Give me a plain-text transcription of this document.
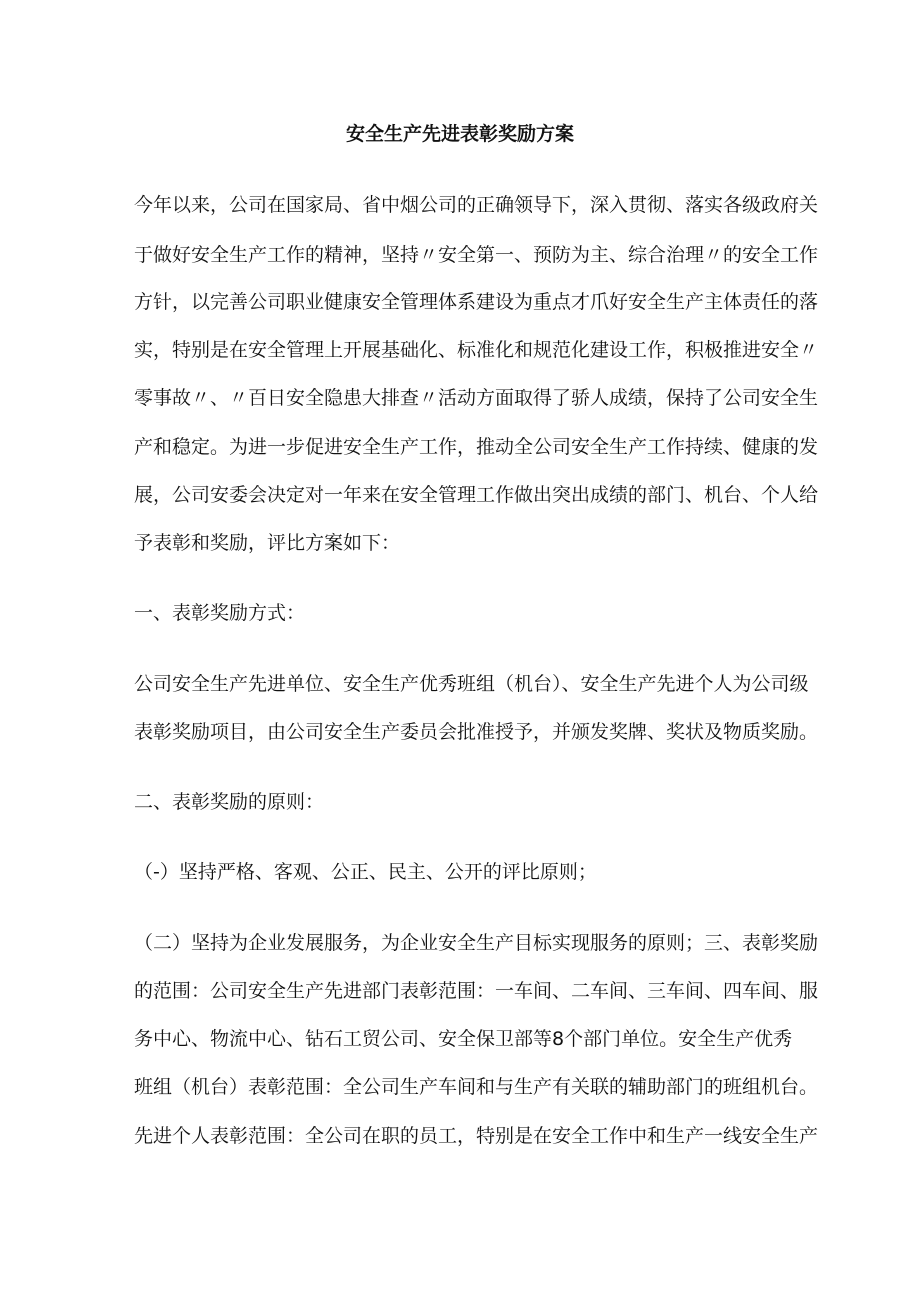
安全生产先进表彰奖励方案

今年以来，公司在国家局、省中烟公司的正确领导下，深入贯彻、落实各级政府关

于做好安全生产工作的精神，坚持〃安全第一、预防为主、综合治理〃的安全工作

方针，以完善公司职业健康安全管理体系建设为重点才爪好安全生产主体责任的落

实，特别是在安全管理上开展基础化、标准化和规范化建设工作，积极推进安全〃

零事故〃、〃百日安全隐患大排查〃活动方面取得了骄人成绩，保持了公司安全生

产和稳定。为进一步促进安全生产工作，推动全公司安全生产工作持续、健康的发

展，公司安委会决定对一年来在安全管理工作做出突出成绩的部门、机台、个人给

予表彰和奖励，评比方案如下：

一、表彰奖励方式：

公司安全生产先进单位、安全生产优秀班组（机台）、安全生产先进个人为公司级

表彰奖励项目，由公司安全生产委员会批准授予，并颁发奖牌、奖状及物质奖励。

二、表彰奖励的原则：

（-）坚持严格、客观、公正、民主、公开的评比原则；

（二）坚持为企业发展服务，为企业安全生产目标实现服务的原则；三、表彰奖励

的范围：公司安全生产先进部门表彰范围：一车间、二车间、三车间、四车间、服

务中心、物流中心、钻石工贸公司、安全保卫部等8个部门单位。安全生产优秀

班组（机台）表彰范围：全公司生产车间和与生产有关联的辅助部门的班组机台。

先进个人表彰范围：全公司在职的员工，特别是在安全工作中和生产一线安全生产
